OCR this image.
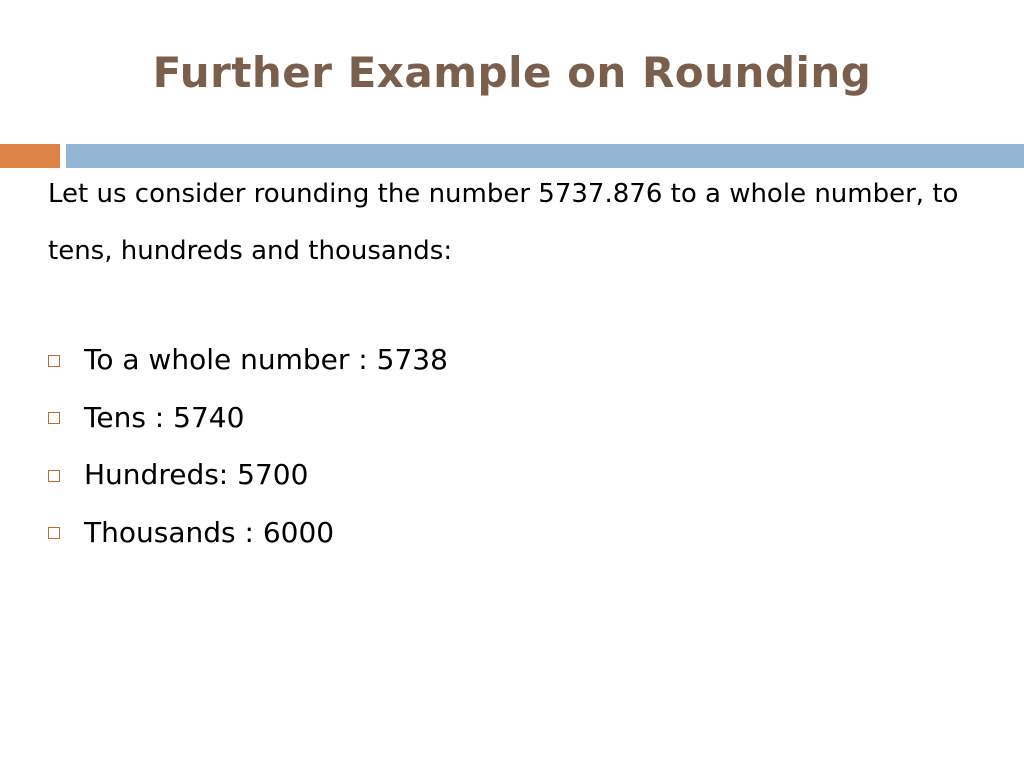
Further Example on Rounding

Let us consider rounding the number 5737.876 to a whole number, to tens, hundreds and thousands:

To a whole number : 5738
Tens : 5740
Hundreds: 5700
Thousands : 6000
